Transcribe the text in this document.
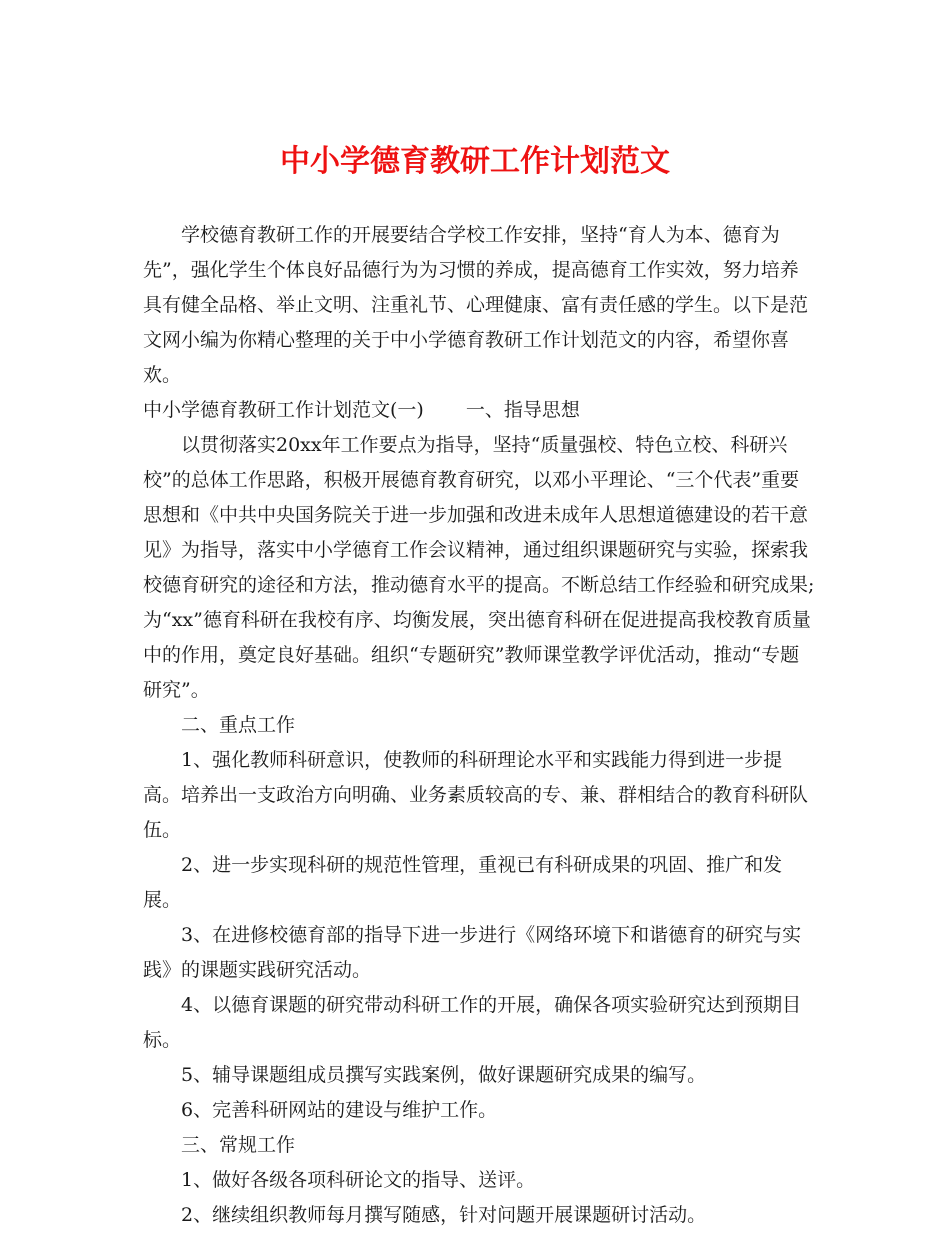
中小学德育教研工作计划范文

学校德育教研工作的开展要结合学校工作安排，坚持“育人为本、德育为先”，强化学生个体良好品德行为为习惯的养成，提高德育工作实效，努力培养具有健全品格、举止文明、注重礼节、心理健康、富有责任感的学生。以下是范文网小编为你精心整理的关于中小学德育教研工作计划范文的内容，希望你喜欢。

中小学德育教研工作计划范文(一) 一、指导思想

以贯彻落实20xx年工作要点为指导，坚持“质量强校、特色立校、科研兴校”的总体工作思路，积极开展德育教育研究，以邓小平理论、“三个代表”重要思想和《中共中央国务院关于进一步加强和改进未成年人思想道德建设的若干意见》为指导，落实中小学德育工作会议精神，通过组织课题研究与实验，探索我校德育研究的途径和方法，推动德育水平的提高。不断总结工作经验和研究成果;为“xx”德育科研在我校有序、均衡发展，突出德育科研在促进提高我校教育质量中的作用，奠定良好基础。组织“专题研究”教师课堂教学评优活动，推动“专题研究”。

二、重点工作

1、强化教师科研意识，使教师的科研理论水平和实践能力得到进一步提高。培养出一支政治方向明确、业务素质较高的专、兼、群相结合的教育科研队伍。

2、进一步实现科研的规范性管理，重视已有科研成果的巩固、推广和发展。

3、在进修校德育部的指导下进一步进行《网络环境下和谐德育的研究与实践》的课题实践研究活动。

4、以德育课题的研究带动科研工作的开展，确保各项实验研究达到预期目标。

5、辅导课题组成员撰写实践案例，做好课题研究成果的编写。

6、完善科研网站的建设与维护工作。

三、常规工作

1、做好各级各项科研论文的指导、送评。

2、继续组织教师每月撰写随感，针对问题开展课题研讨活动。
